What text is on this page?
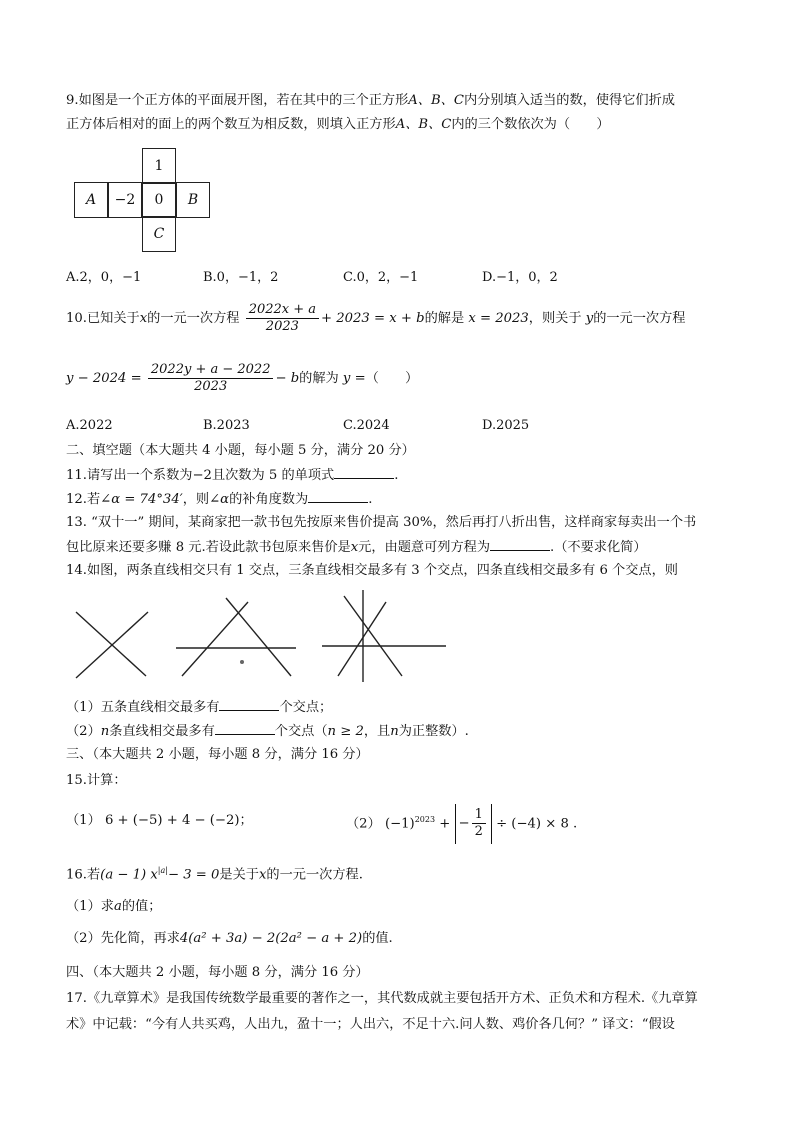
9.如图是一个正方体的平面展开图，若在其中的三个正方形A、B、C内分别填入适当的数，使得它们折成
正方体后相对的面上的两个数互为相反数，则填入正方形A、B、C内的三个数依次为（　　）
1
A	−2	0	B
C
A.2，0，−1	B.0，−1，2	C.0，2，−1	D.−1，0，2
10.已知关于x的一元一次方程 $\frac{2022x + a}{2023} + 2023 = x + b$的解是 x = 2023，则关于 y的一元一次方程
$y - 2024 = \frac{2022y + a - 2022}{2023} - b$的解为 y =（　　）
A.2022	B.2023	C.2024	D.2025
二、填空题（本大题共 4 小题，每小题 5 分，满分 20 分）
11.请写出一个系数为−2且次数为 5 的单项式	.
12.若∠α = 74°34′，则∠α的补角度数为	.
13. “双十一” 期间，某商家把一款书包先按原来售价提高 30%，然后再打八折出售，这样商家每卖出一个书
包比原来还要多赚 8 元.若设此款书包原来售价是x元，由题意可列方程为	.（不要求化简）
14.如图，两条直线相交只有 1 交点，三条直线相交最多有 3 个交点，四条直线相交最多有 6 个交点，则
（1）五条直线相交最多有	个交点；
（2）n条直线相交最多有	个交点（n ≥ 2，且n为正整数）.
三、（本大题共 2 小题，每小题 8 分，满分 16 分）
15.计算：
（1） 6 + (−5) + 4 − (−2)；	（2） $(-1)^{2023}$ + − $\frac{1}{2} \div (-4) \times 8$ .
16.若(a − 1) $x^{|a|}- 3 = 0$是关于x的一元一次方程.
（1）求a的值；
（2）先化简，再求4(a² + 3a) − 2(2a² − a + 2)的值.
四、（本大题共 2 小题，每小题 8 分，满分 16 分）
17.《九章算术》是我国传统数学最重要的著作之一，其代数成就主要包括开方术、正负术和方程术.《九章算
术》中记载：“今有人共买鸡，人出九，盈十一；人出六，不足十六.问人数、鸡价各几何？” 译文：“假设
